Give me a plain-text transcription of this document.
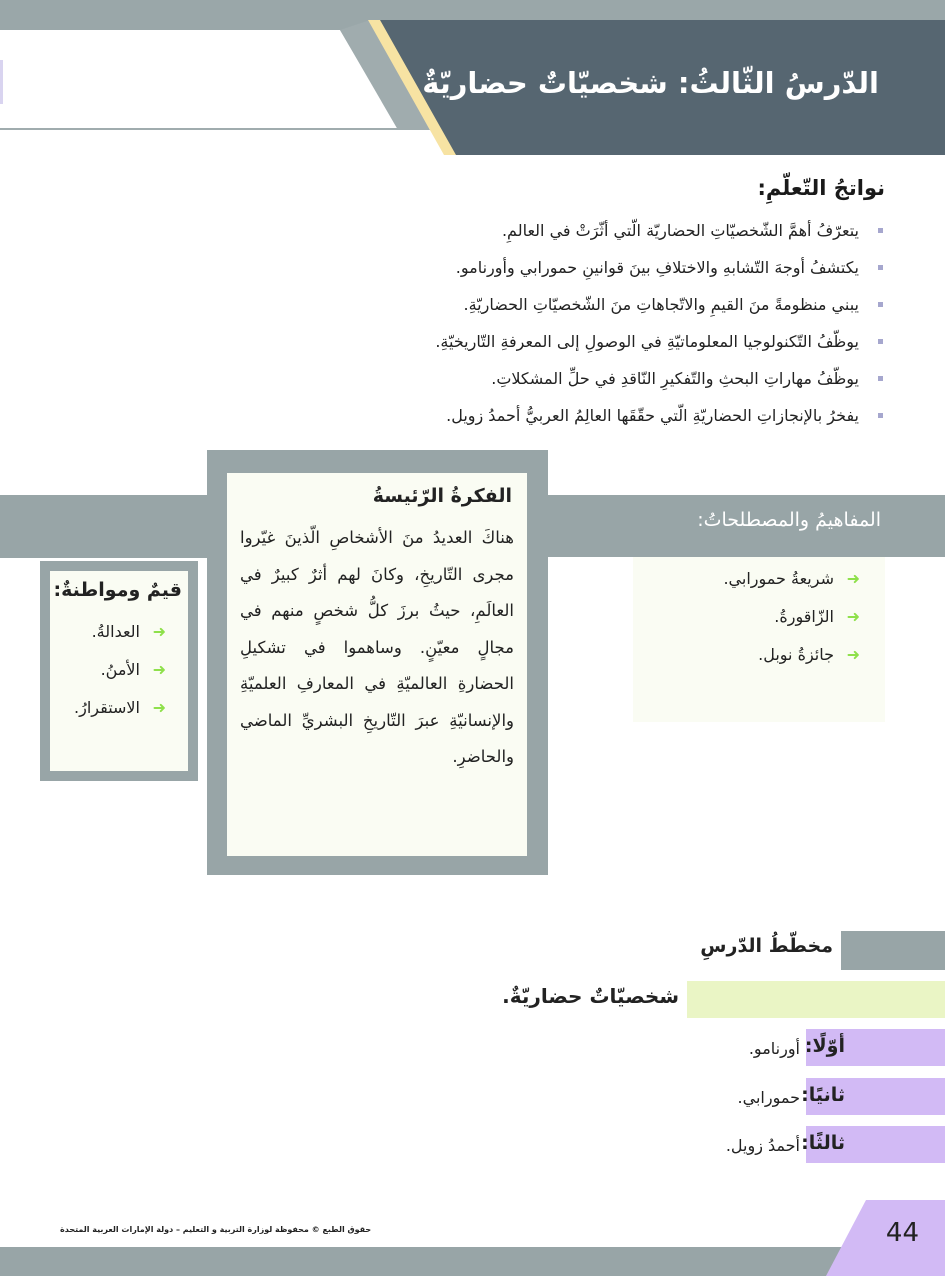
الدّرسُ الثّالثُ: شخصيّاتٌ حضاريّةٌ
نواتجُ التّعلّمِ:
يتعرّفُ أهمَّ الشّخصيّاتِ الحضاريّة الّتي أثّرَتْ في العالمِ.
يكتشفُ أوجهَ التّشابهِ والاختلافِ بينَ قوانينِ حمورابي وأورنامو.
يبني منظومةً منَ القيمِ والاتّجاهاتِ منَ الشّخصيّاتِ الحضاريّةِ.
يوظّفُ التّكنولوجيا المعلوماتيّةِ في الوصولِ إلى المعرفةِ التّاريخيّةِ.
يوظّفُ مهاراتِ البحثِ والتّفكيرِ النّاقدِ في حلِّ المشكلاتِ.
يفخرُ بالإنجازاتِ الحضاريّةِ الّتي حقّقَها العالِمُ العربيُّ أحمدُ زويل.
المفاهيمُ والمصطلحاتُ:
➜
شريعةُ حمورابي.
➜
الزّاقورةُ.
➜
جائزةُ نوبل.
الفكرةُ الرّئيسةُ
هناكَ العديدُ منَ الأشخاصِ الّذينَ غيّروا مجرى التّاريخِ، وكانَ لهم أثرٌ كبيرٌ في العالَمِ، حيثُ برزَ كلُّ شخصٍ منهم في مجالٍ معيّنٍ. وساهموا في تشكيلِ الحضارةِ العالميّةِ في المعارفِ العلميّةِ والإنسانيّةِ عبرَ التّاريخِ البشريِّ الماضي والحاضرِ.
قيمٌ ومواطنةٌ:
➜
العدالةُ.
➜
الأمنُ.
➜
الاستقرارُ.
مخطّطُ الدّرسِ
شخصيّاتٌ حضاريّةٌ.
أوّلًا:
أورنامو.
ثانيًا:
حمورابي.
ثالثًا:
أحمدُ زويل.
44
حقوق الطبع © محفوظة لوزارة التربية و التعليم – دولة الإمارات العربية المتحدة
